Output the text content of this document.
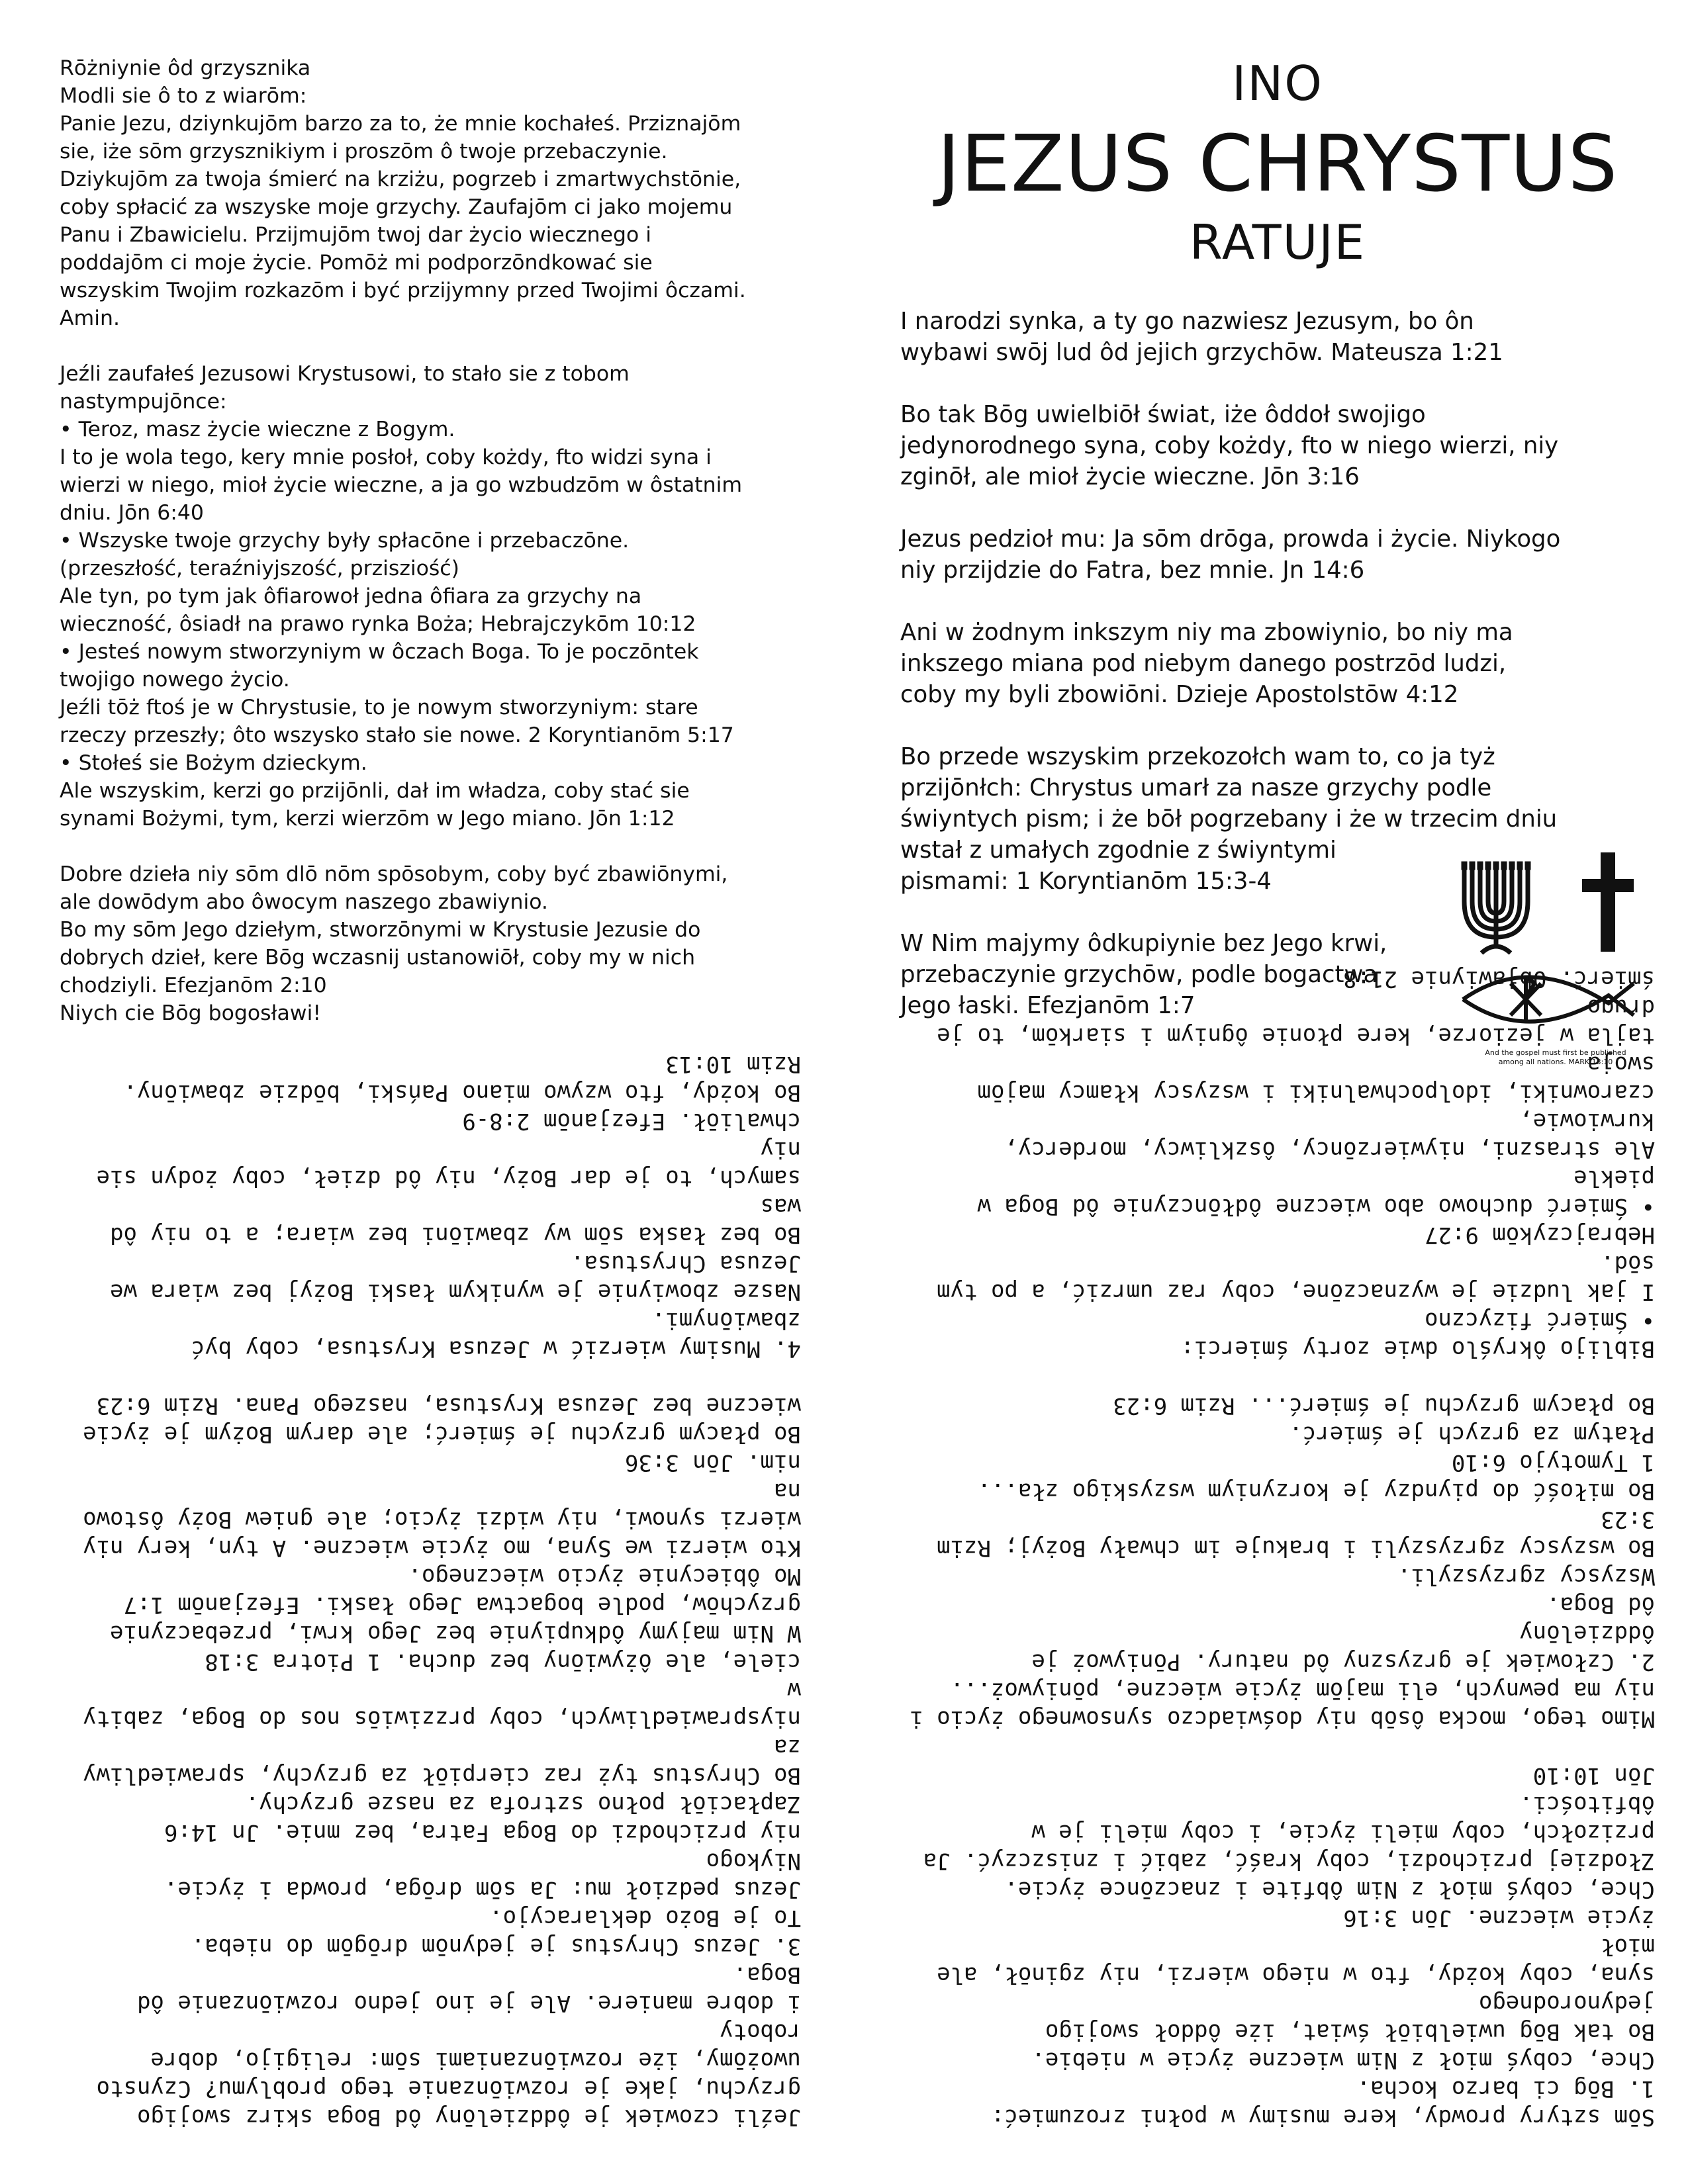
Rōżniynie ôd grzysznika

Modli sie ô to z wiarōm:

Panie Jezu, dziynkujōm barzo za to, że mnie kochałeś. Prziznajōm

sie, iże sōm grzysznikiym i proszōm ô twoje przebaczynie.

Dziykujōm za twoja śmierć na krziżu, pogrzeb i zmartwychstōnie,

coby spłacić za wszyske moje grzychy. Zaufajōm ci jako mojemu

Panu i Zbawicielu. Przijmujōm twoj dar życio wiecznego i

poddajōm ci moje życie. Pomōż mi podporzōndkować sie

wszyskim Twojim rozkazōm i być przijymny przed Twojimi ôczami.

Amin.

Jeźli zaufałeś Jezusowi Krystusowi, to stało sie z tobom

nastympujōnce:

• Teroz, masz życie wieczne z Bogym.

I to je wola tego, kery mnie posłoł, coby kożdy, fto widzi syna i

wierzi w niego, mioł życie wieczne, a ja go wzbudzōm w ôstatnim

dniu. Jōn 6:40

• Wszyske twoje grzychy były spłacōne i przebaczōne.

(przeszłość, teraźniyjszość, przisziość)

Ale tyn, po tym jak ôfiarowoł jedna ôfiara za grzychy na

wieczność, ôsiadł na prawo rynka Boża; Hebrajczykōm 10:12

• Jesteś nowym stworzyniym w ôczach Boga. To je poczōntek

twojigo nowego życio.

Jeźli tōż ftoś je w Chrystusie, to je nowym stworzyniym: stare

rzeczy przeszły; ôto wszysko stało sie nowe. 2 Koryntianōm 5:17

• Stołeś sie Bożym dzieckym.

Ale wszyskim, kerzi go przijōnli, dał im władza, coby stać sie

synami Bożymi, tym, kerzi wierzōm w Jego miano. Jōn 1:12

Dobre dzieła niy sōm dlō nōm spōsobym, coby być zbawiōnymi,

ale dowōdym abo ôwocym naszego zbawiynio.

Bo my sōm Jego dziełym, stworzōnymi w Krystusie Jezusie do

dobrych dzieł, kere Bōg wczasnij ustanowiōł, coby my w nich

chodziyli. Efezjanōm 2:10

Niych cie Bōg bogosławi!

INO
JEZUS CHRYSTUS
RATUJE

I narodzi synka, a ty go nazwiesz Jezusym, bo ôn
wybawi swōj lud ôd jejich grzychōw. Mateusza 1:21

Bo tak Bōg uwielbiōł świat, iże ôddoł swojigo
jedynorodnego syna, coby kożdy, fto w niego wierzi, niy
zginōł, ale mioł życie wieczne. Jōn 3:16

Jezus pedzioł mu: Ja sōm drōga, prowda i życie. Niykogo
niy przijdzie do Fatra, bez mnie. Jn 14:6

Ani w żodnym inkszym niy ma zbowiynio, bo niy ma
inkszego miana pod niebym danego postrzōd ludzi,
coby my byli zbowiōni. Dzieje Apostolstōw 4:12

Bo przede wszyskim przekozołch wam to, co ja tyż
przijōnłch: Chrystus umarł za nasze grzychy podle
świyntych pism; i że bōł pogrzebany i że w trzecim dniu
wstał z umałych zgodnie z świyntymi
pismami: 1 Koryntianōm 15:3-4

W Nim majymy ôdkupiynie bez Jego krwi,
przebaczynie grzychōw, podle bogactwa
Jego łaski. Efezjanōm 1:7

And the gospel must first be published
among all nations. MARK 13:10

Jeźli czowiek je ôddzielōny ôd Boga skirz swojigo

grzychu, jake je rozwiōnzanie tego problymu? Czynsto

uwożōmy, iże rozwiōnzaniami sōm: religijo, dobre roboty

i dobre maniere. Ale je ino jedno rozwiōnzanie ôd Boga.

3. Jezus Chrystus je jedynōm drōgōm do nieba.

To je Bożo deklaracyjo.

Jezus pedzioł mu: Ja sōm drōga, prowda i życie. Niykogo

niy przichodzi do Boga Fatra, bez mnie. Jn 14:6

Zapłaciōł połno sztrofa za nasze grzychy.

Bo Chrystus tyż raz cierpiōł za grzychy, sprawiedliwy za

niysprawiedliwych, coby przziwiōs nos do Boga, zabity w

ciele, ale ôżywiōny bez ducha. 1 Piotra 3:18

W Nim majymy ôdkupiynie bez Jego krwi, przebaczynie

grzychōw, podle bogactwa Jego łaski. Efezjanōm 1:7

Mo ôbiecynie życio wiecznego.

Kto wierzi we Syna, mo życie wieczne. A tyn, kery niy

wierzi synowi, niy widzi życio; ale gniew Boży ôstowo na

nim. Jōn 3:36

Bo płacym grzychu je śmierć; ale darym Bożym je życie

wieczne bez Jezusa Krystusa, naszego Pana. Rzim 6:23

4. Musimy wierzić w Jezusa Krystusa, coby być

zbawiōnymi.

Nasze zbowiynie je wynikym łaski Bożyj bez wiara we

Jezusa Chrystusa.

Bo bez łaska sōm wy zbawiōni bez wiara; a to niy ôd was

samych, to je dar Boży, niy ôd dzieł, coby żodyn sie niy

chwaliōł. Efezjanōm 2:8-9

Bo kożdy, fto wzywo miano Pański, bōdzie zbawiōny.

Rzim 10:13

Sōm sztyry prowdy, kere musimy w połni zrozumieć:

1. Bōg ci barzo kocha.

Chce, cobyś mioł z Nim wieczne życie w niebie.

Bo tak Bōg uwielbiōł świat, iże ôddoł swojigo jedynorodnego

syna, coby kożdy, fto w niego wierzi, niy zginōł, ale mioł

życie wieczne. Jōn 3:16

Chce, cobyś mioł z Nim ôbfite i znaczōnce życie.

Złodziej przichodzi, coby kraść, zabić i zniszczyć. Ja

przizołch, coby mieli życie, i coby mieli je w ôbfitości.

Jōn 10:10

Mimo tego, mocka ôsōb niy doświadczo synsownego życio i

niy ma pewnych, eli majōm życie wieczne, pōniywoż...

2. Człowiek je grzyszny ôd natury. Pōniywoż je ôddzielōny

ôd Boga.

Wszyscy zgrzyszyli.

Bo wszyscy zgrzyszyli i brakuje im chwały Bożyj; Rzim 3:23

Bo miłość do piyndzy je korzyniym wszyskigo zła...

1 Tymotyjo 6:10

Płatym za grzych je śmierć.

Bo płacym grzychu je śmierć... Rzim 6:23

Biblijo ôkryślo dwie zorty śmierci:

• Śmierć fizyczno

I jak ludzie je wyznaczōne, coby raz umrzić, a po tym sōd.

Hebrajczykōm 9:27

• Śmierć duchowo abo wieczne ôdłōnczynie ôd Boga w

piekle

Ale straszni, niywierzōncy, ôszkliwcy, mordercy, kurwiowie,

czarowniki, idolpochwalniki i wszyscy kłamcy majōm swoja

tajla w jeziorze, kere płonie ôgniym i siarkōm, to je drugo

śmierć. Objawiynie 21:8
